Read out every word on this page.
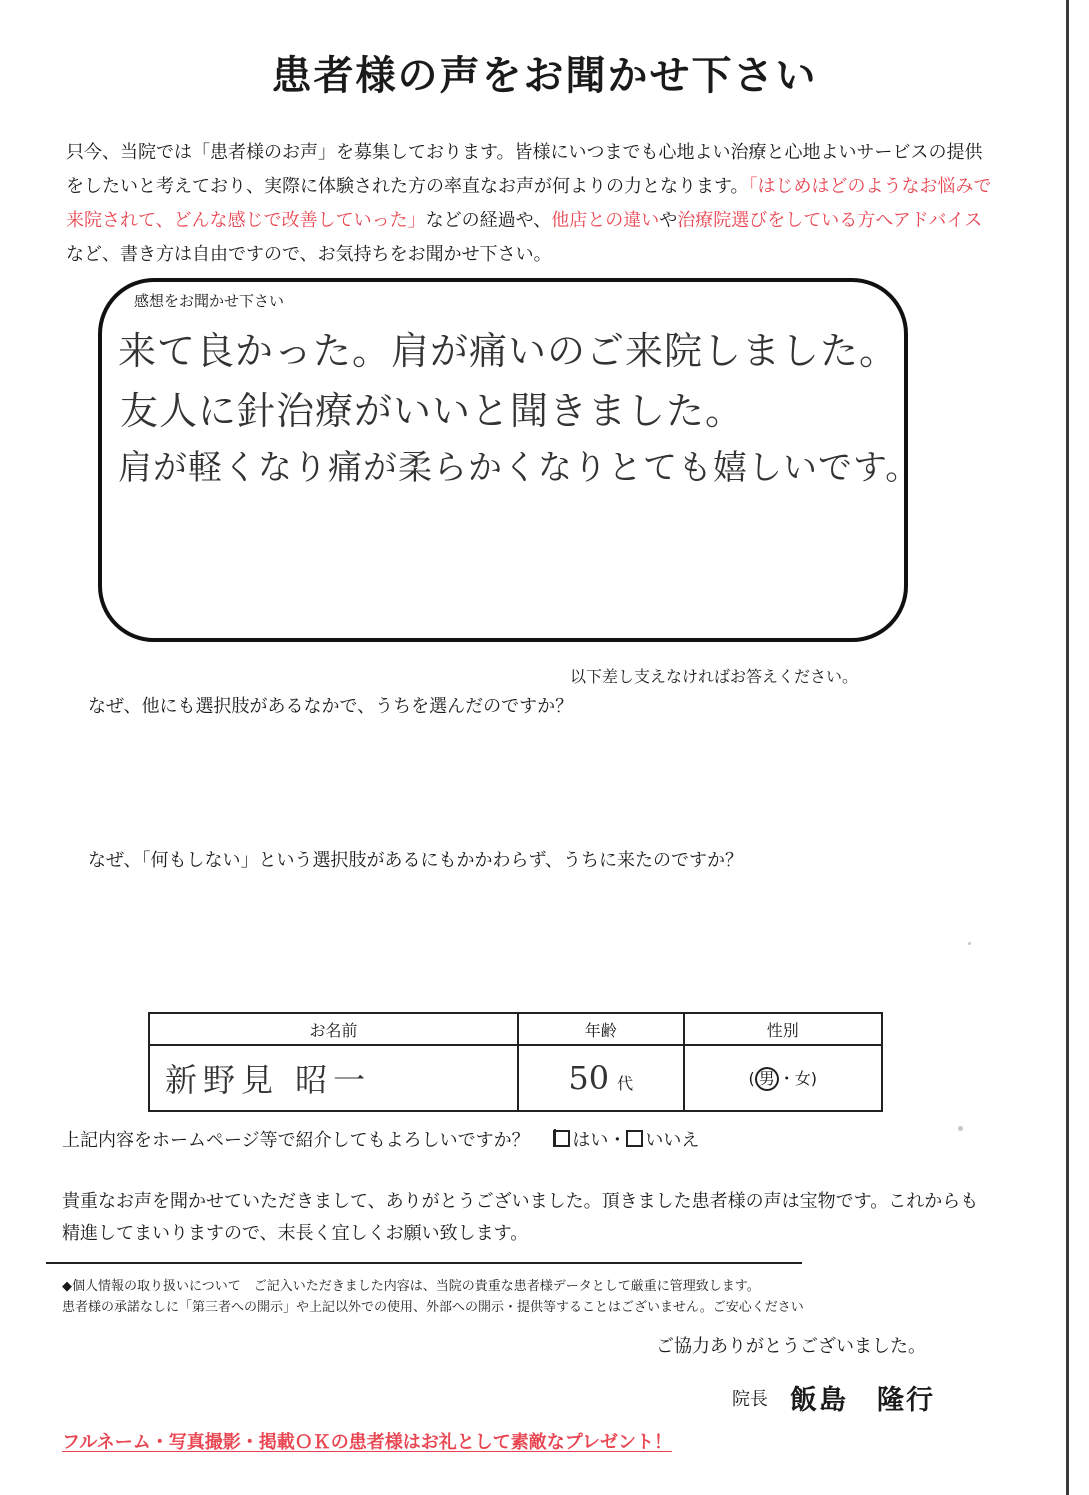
患者様の声をお聞かせ下さい
只今、当院では「患者様のお声」を募集しております。皆様にいつまでも心地よい治療と心地よいサービスの提供をしたいと考えており、実際に体験された方の率直なお声が何よりの力となります。「はじめはどのようなお悩みで来院されて、どんな感じで改善していった」などの経過や、他店との違いや治療院選びをしている方へアドバイスなど、書き方は自由ですので、お気持ちをお聞かせ下さい。
感想をお聞かせ下さい
来て良かった。肩が痛いのご来院しました。
友人に針治療がいいと聞きました。
肩が軽くなり痛が柔らかくなりとても嬉しいです。
以下差し支えなければお答えください。
なぜ、他にも選択肢があるなかで、うちを選んだのですか？
なぜ、「何もしない」という選択肢があるにもかかわらず、うちに来たのですか？
お名前	年齢	性別
新野見 昭一	50 代	( 男 ・女)
上記内容をホームページ等で紹介してもよろしいですか？ はい・ いいえ
貴重なお声を聞かせていただきまして、ありがとうございました。頂きました患者様の声は宝物です。これからも精進してまいりますので、末長く宜しくお願い致します。
◆個人情報の取り扱いについて　ご記入いただきました内容は、当院の貴重な患者様データとして厳重に管理致します。
患者様の承諾なしに「第三者への開示」や上記以外での使用、外部への開示・提供等することはございません。ご安心ください
ご協力ありがとうございました。
院長 飯島　隆行
フルネーム・写真撮影・掲載ＯＫの患者様はお礼として素敵なプレゼント！
